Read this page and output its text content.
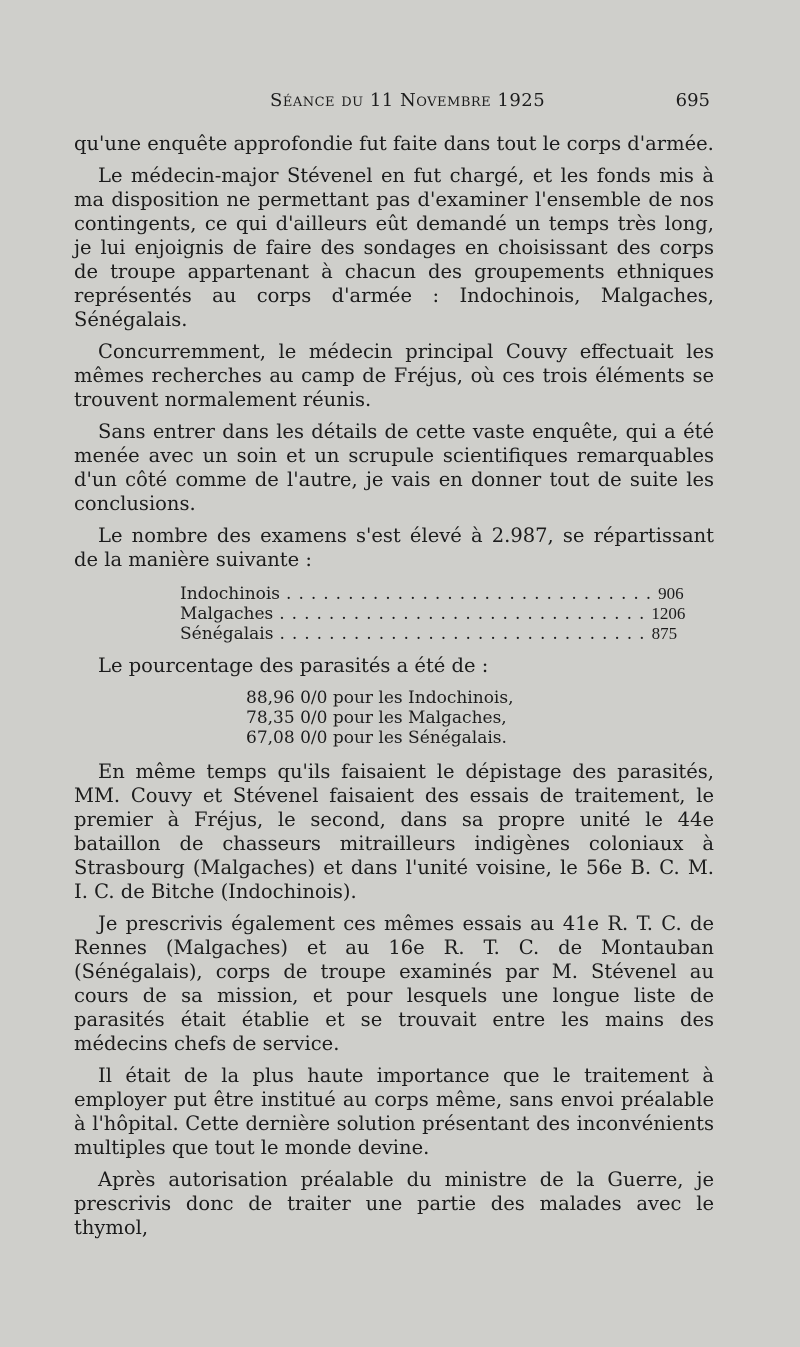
Séance du 11 Novembre 1925	695

qu'une enquête approfondie fut faite dans tout le corps d'armée.

Le médecin-major Stévenel en fut chargé, et les fonds mis à ma disposition ne permettant pas d'examiner l'ensemble de nos contingents, ce qui d'ailleurs eût demandé un temps très long, je lui enjoignis de faire des sondages en choisissant des corps de troupe appartenant à chacun des groupements ethniques représentés au corps d'armée : Indochinois, Malgaches, Sénégalais.

Concurremment, le médecin principal Couvy effectuait les mêmes recherches au camp de Fréjus, où ces trois éléments se trouvent normalement réunis.

Sans entrer dans les détails de cette vaste enquête, qui a été menée avec un soin et un scrupule scientifiques remarquables d'un côté comme de l'autre, je vais en donner tout de suite les conclusions.

Le nombre des examens s'est élevé à 2.987, se répartissant de la manière suivante :

Indochinois .............................. 906
Malgaches .............................. 1206
Sénégalais .............................. 875

Le pourcentage des parasités a été de :

88,96 0/0 pour les Indochinois,
78,35 0/0 pour les Malgaches,
67,08 0/0 pour les Sénégalais.

En même temps qu'ils faisaient le dépistage des parasités, MM. Couvy et Stévenel faisaient des essais de traitement, le premier à Fréjus, le second, dans sa propre unité le 44e bataillon de chasseurs mitrailleurs indigènes coloniaux à Strasbourg (Malgaches) et dans l'unité voisine, le 56e B. C. M. I. C. de Bitche (Indochinois).

Je prescrivis également ces mêmes essais au 41e R. T. C. de Rennes (Malgaches) et au 16e R. T. C. de Montauban (Sénégalais), corps de troupe examinés par M. Stévenel au cours de sa mission, et pour lesquels une longue liste de parasités était établie et se trouvait entre les mains des médecins chefs de service.

Il était de la plus haute importance que le traitement à employer put être institué au corps même, sans envoi préalable à l'hôpital. Cette dernière solution présentant des inconvénients multiples que tout le monde devine.

Après autorisation préalable du ministre de la Guerre, je prescrivis donc de traiter une partie des malades avec le thymol,
